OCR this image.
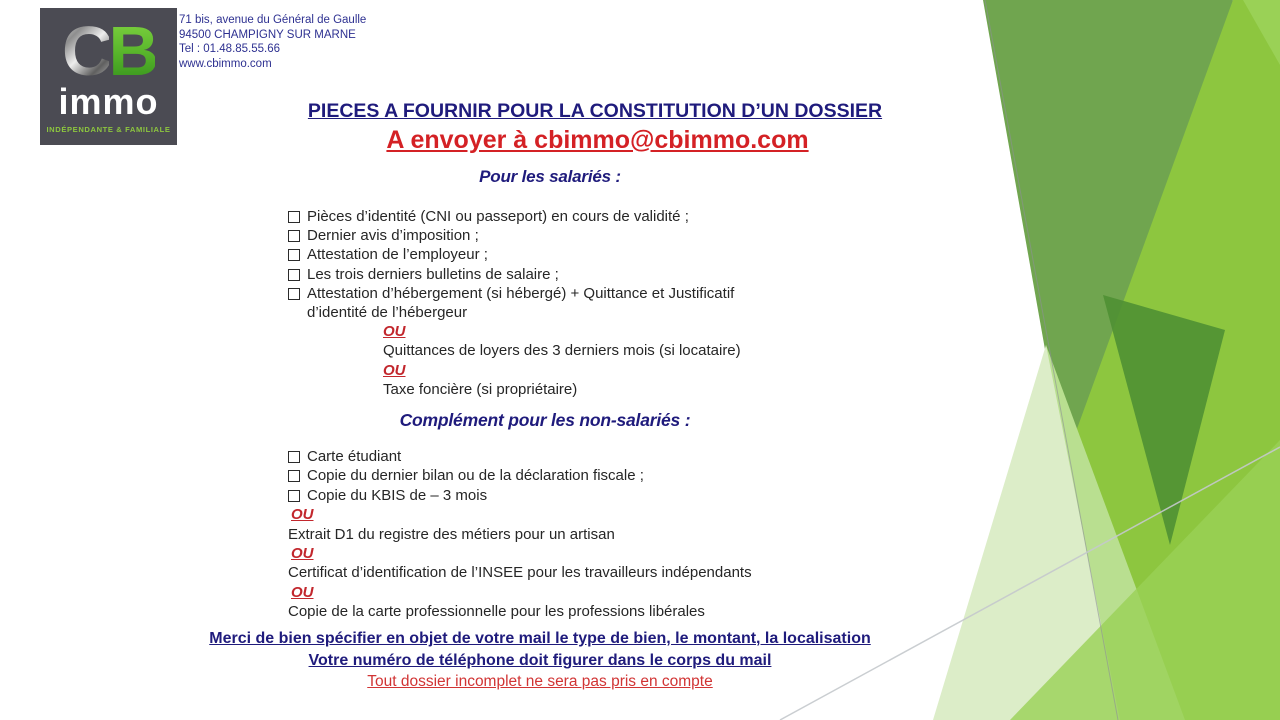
CB
immo
INDÉPENDANTE & FAMILIALE
71 bis, avenue du Général de Gaulle
94500 CHAMPIGNY SUR MARNE
Tel : 01.48.85.55.66
www.cbimmo.com
PIECES A FOURNIR POUR LA CONSTITUTION D’UN DOSSIER
A envoyer à cbimmo@cbimmo.com
Pour les salariés :
Pièces d’identité (CNI ou passeport) en cours de validité ;
Dernier avis d’imposition ;
Attestation de l’employeur ;
Les trois derniers bulletins de salaire ;
Attestation d’hébergement (si hébergé) + Quittance et Justificatif d’identité de l’hébergeur
OU
Quittances de loyers des 3 derniers mois (si locataire)
OU
Taxe foncière (si propriétaire)
Complément pour les non-salariés :
Carte étudiant
Copie du dernier bilan ou de la déclaration fiscale ;
Copie du KBIS de – 3 mois
OU
Extrait D1 du registre des métiers pour un artisan
OU
Certificat d’identification de l’INSEE pour les travailleurs indépendants
OU
Copie de la carte professionnelle pour les professions libérales
Merci de bien spécifier en objet de votre mail le type de bien, le montant, la localisation
Votre numéro de téléphone doit figurer dans le corps du mail
Tout dossier incomplet ne sera pas pris en compte
